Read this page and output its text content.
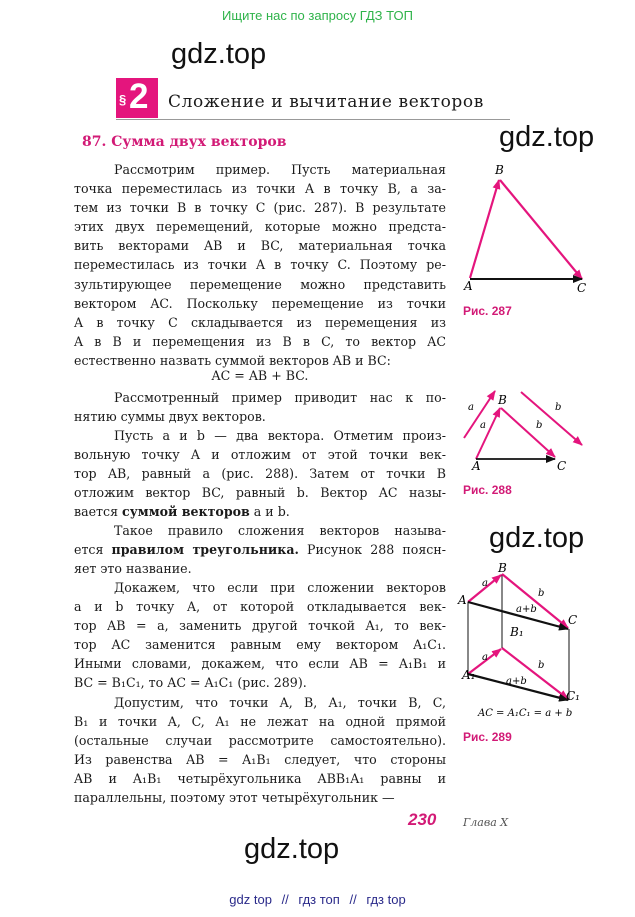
Ищите нас по запросу ГДЗ ТОП
gdz.top
gdz.top
gdz.top
gdz.top
§ 2 Сложение и вычитание векторов
87. Сумма двух векторов
Рассмотрим пример. Пусть материальная
точка переместилась из точки A в точку B, а за-
тем из точки B в точку C (рис. 287). В результате
этих двух перемещений, которые можно предста-
вить векторами AB и BC, материальная точка
переместилась из точки A в точку C. Поэтому ре-
зультирующее перемещение можно представить
вектором AC. Поскольку перемещение из точки
A в точку C складывается из перемещения из
A в B и перемещения из B в C, то вектор AC
естественно назвать суммой векторов AB и BC:
AC = AB + BC.
Рассмотренный пример приводит нас к по-
нятию суммы двух векторов.
Пусть a и b — два вектора. Отметим произ-
вольную точку A и отложим от этой точки век-
тор AB, равный a (рис. 288). Затем от точки B
отложим вектор BC, равный b. Вектор AC назы-
вается суммой векторов a и b.
Такое правило сложения векторов называ-
ется правилом треугольника. Рисунок 288 поясн-
яет это название.
Докажем, что если при сложении векторов
a и b точку A, от которой откладывается век-
тор AB = a, заменить другой точкой A₁, то век-
тор AC заменится равным ему вектором A₁C₁.
Иными словами, докажем, что если AB = A₁B₁ и
BC = B₁C₁, то AC = A₁C₁ (рис. 289).
Допустим, что точки A, B, A₁, точки B, C,
B₁ и точки A, C, A₁ не лежат на одной прямой
(остальные случаи рассмотрите самостоятельно).
Из равенства AB = A₁B₁ следует, что стороны
AB и A₁B₁ четырёхугольника ABB₁A₁ равны и
параллельны, поэтому этот четырёхугольник —
B
A	C
Рис. 287
a	b
a	b
B
A	C
Рис. 288
B
A
C
B₁
A₁
C₁
a
b
a+b
a
b
a+b
AC = A₁C₁ = a + b
Рис. 289
230 Глава X
gdz top // гдз топ // гдз top
